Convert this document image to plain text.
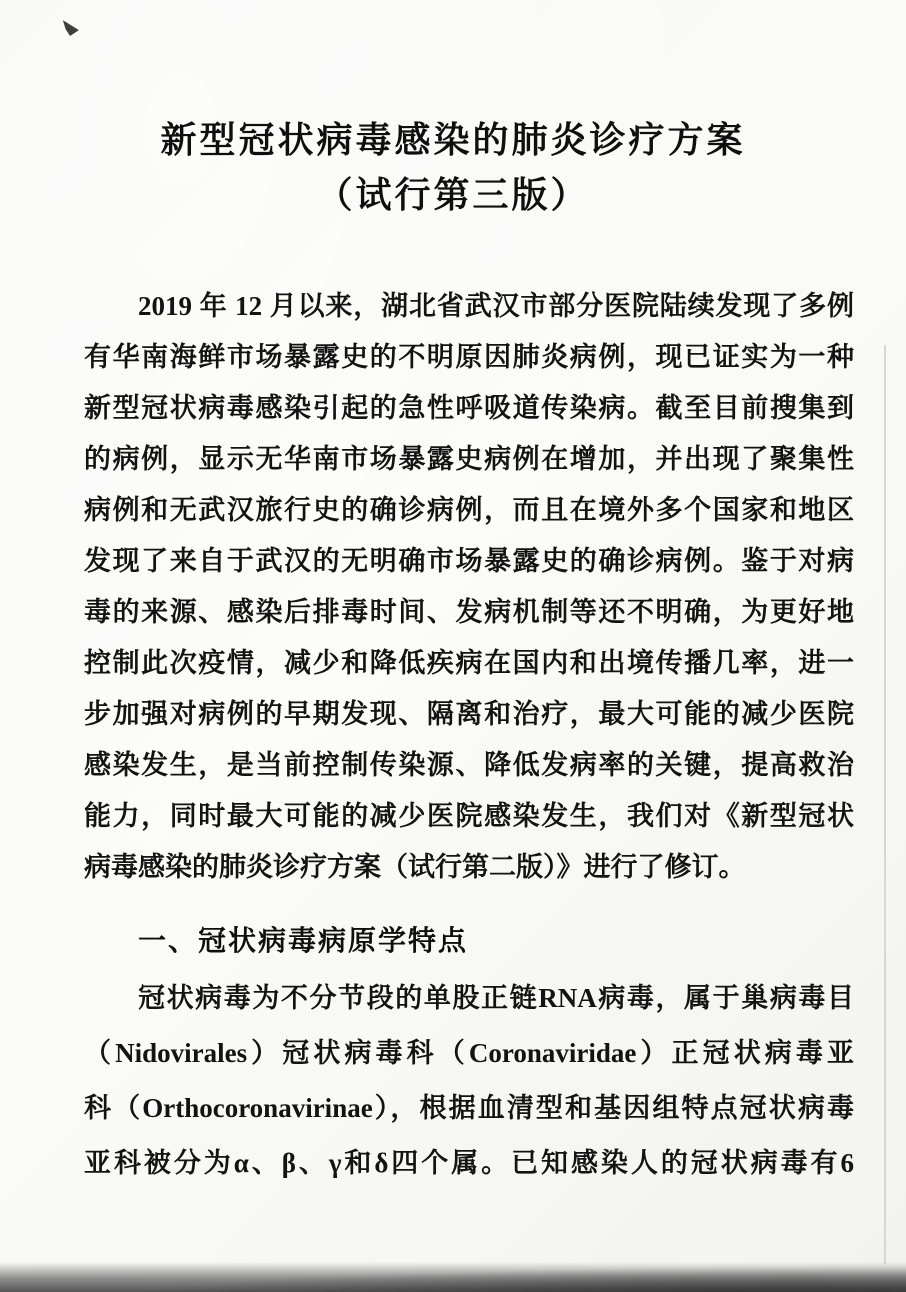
新型冠状病毒感染的肺炎诊疗方案
（试行第三版）
2019 年 12 月以来，湖北省武汉市部分医院陆续发现了多例
有华南海鲜市场暴露史的不明原因肺炎病例，现已证实为一种
新型冠状病毒感染引起的急性呼吸道传染病。截至目前搜集到
的病例，显示无华南市场暴露史病例在增加，并出现了聚集性
病例和无武汉旅行史的确诊病例，而且在境外多个国家和地区
发现了来自于武汉的无明确市场暴露史的确诊病例。鉴于对病
毒的来源、感染后排毒时间、发病机制等还不明确，为更好地
控制此次疫情，减少和降低疾病在国内和出境传播几率，进一
步加强对病例的早期发现、隔离和治疗，最大可能的减少医院
感染发生，是当前控制传染源、降低发病率的关键，提高救治
能力，同时最大可能的减少医院感染发生，我们对《新型冠状
病毒感染的肺炎诊疗方案（试行第二版）》进行了修订。
一、冠状病毒病原学特点
冠状病毒为不分节段的单股正链RNA病毒，属于巢病毒目
（Nidovirales）冠状病毒科（Coronaviridae）正冠状病毒亚
科（Orthocoronavirinae），根据血清型和基因组特点冠状病毒
亚科被分为α、β、γ和δ四个属。已知感染人的冠状病毒有6
